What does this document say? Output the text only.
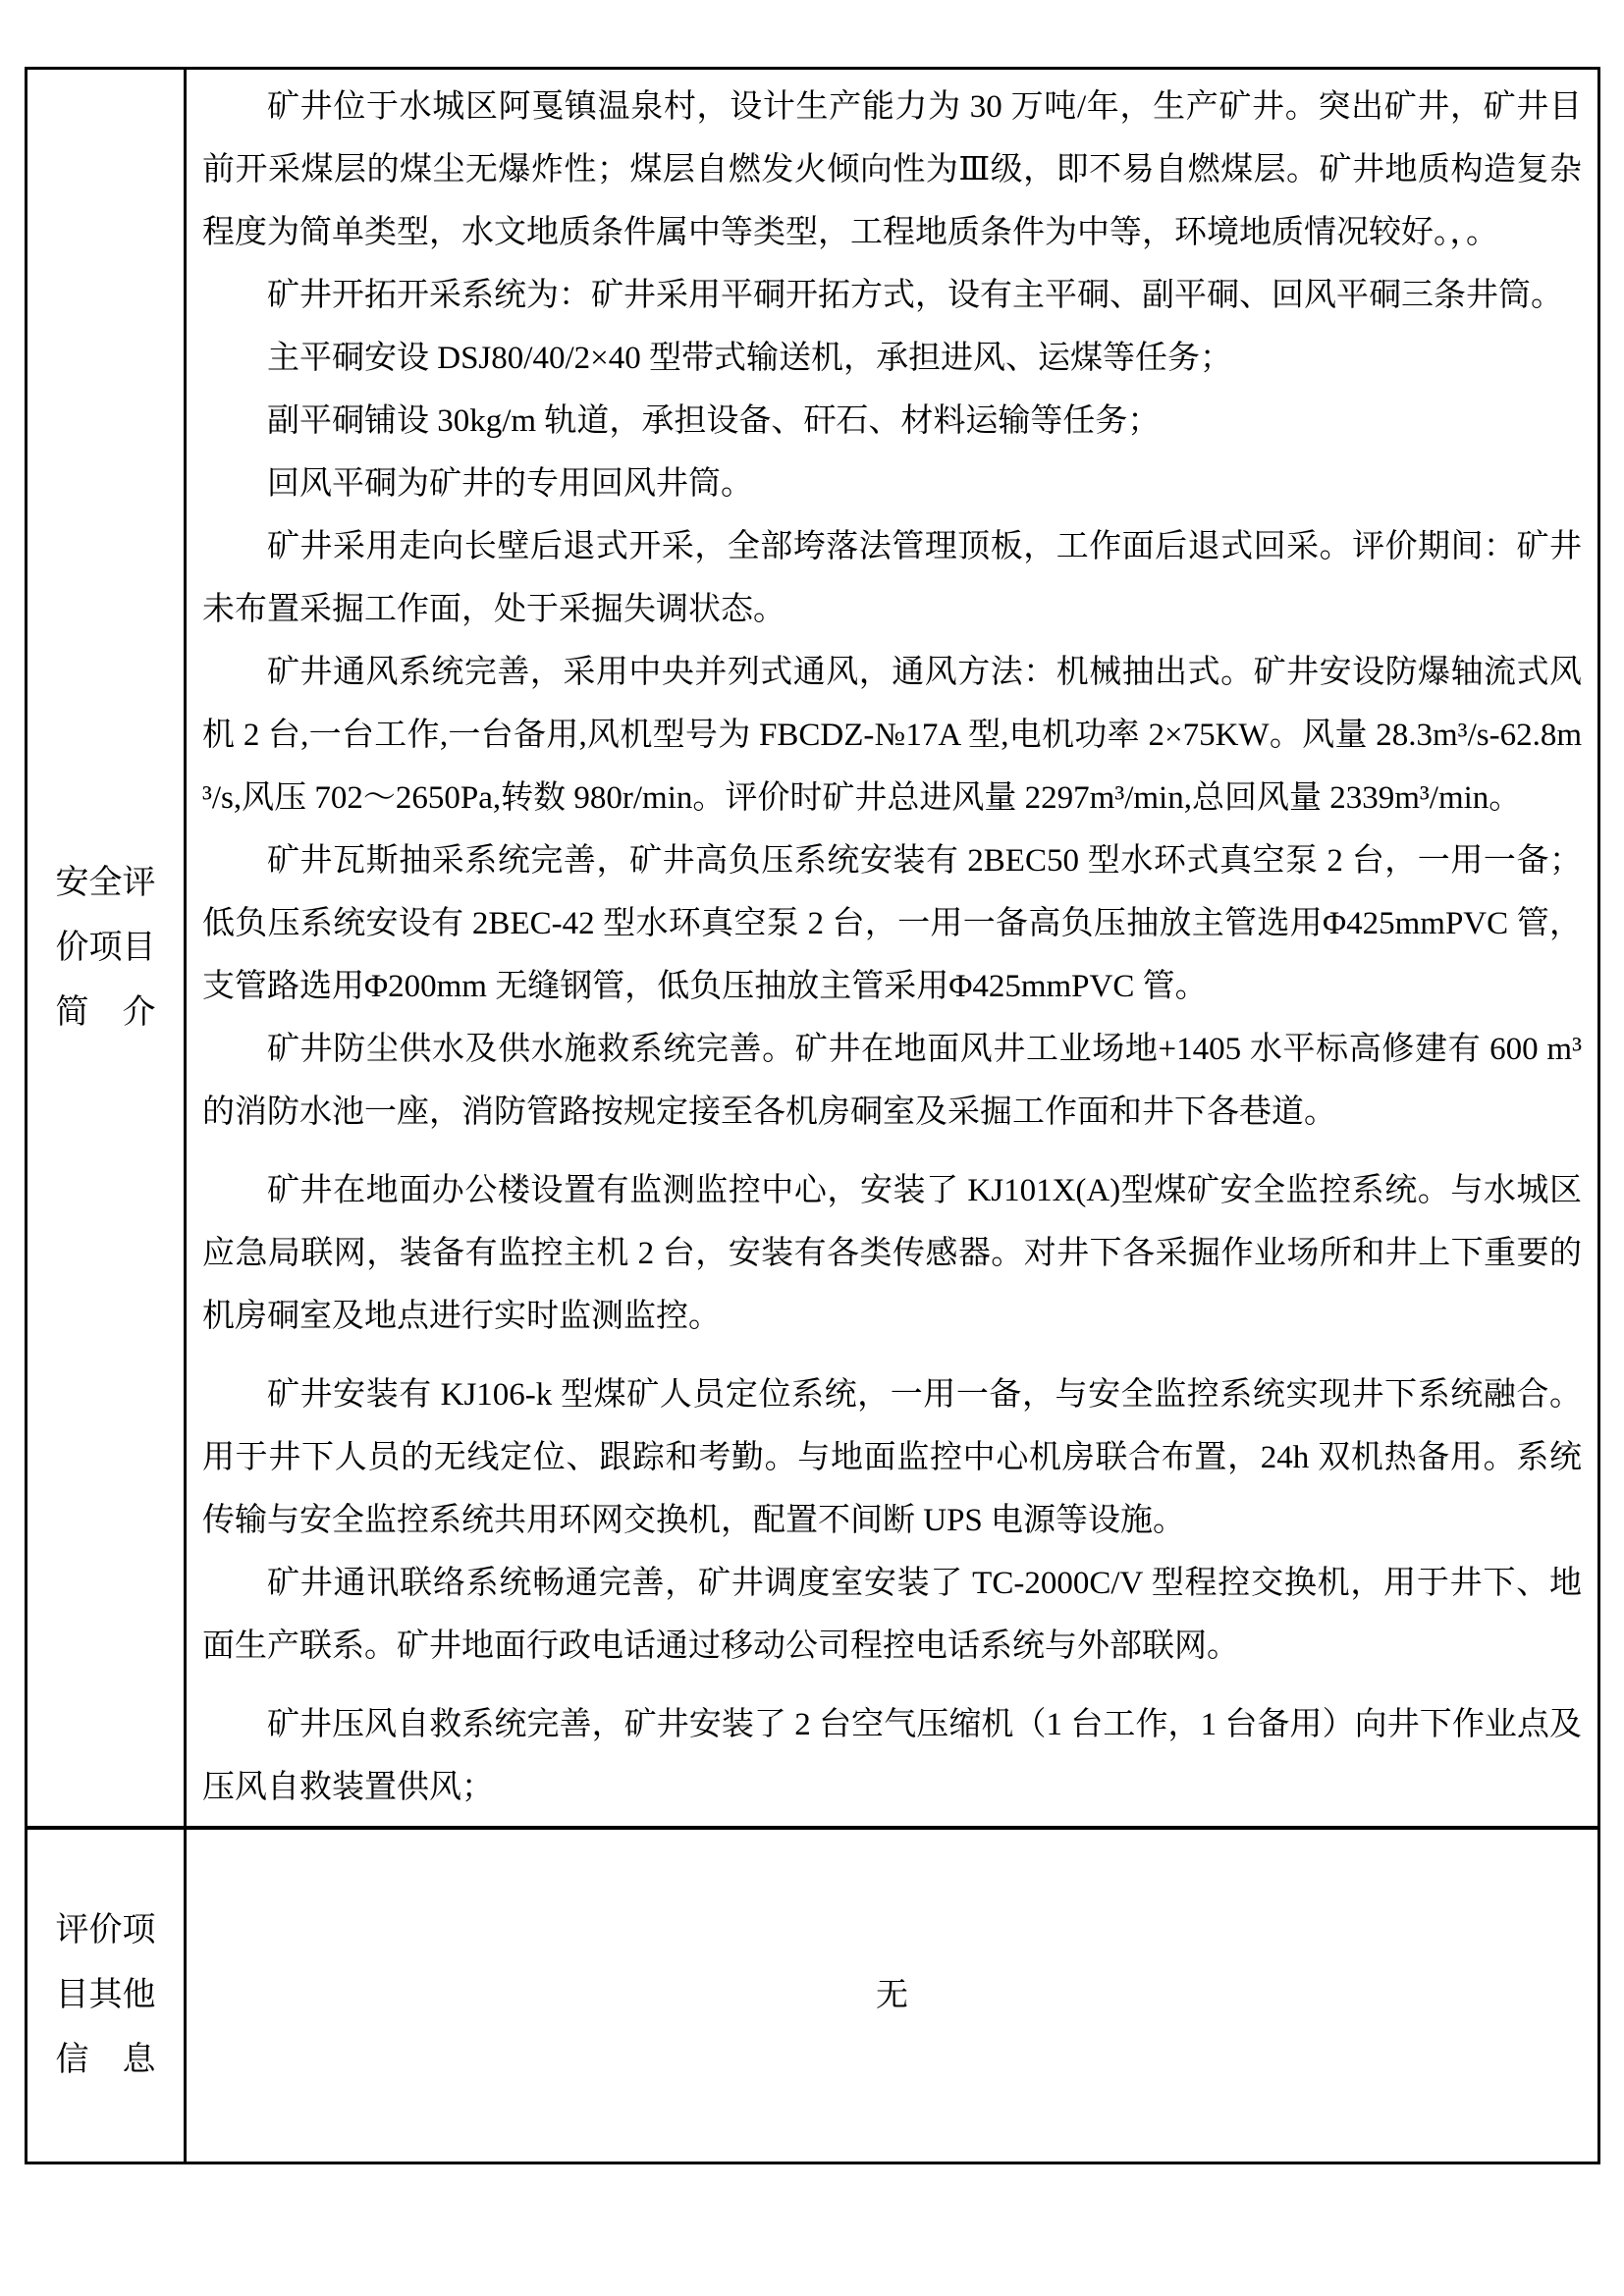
安全评价项目简介

矿井位于水城区阿戛镇温泉村，设计生产能力为 30 万吨/年，生产矿井。突出矿井，矿井目前开采煤层的煤尘无爆炸性；煤层自燃发火倾向性为Ⅲ级，即不易自燃煤层。矿井地质构造复杂程度为简单类型，水文地质条件属中等类型，工程地质条件为中等，环境地质情况较好。，。

矿井开拓开采系统为：矿井采用平硐开拓方式，设有主平硐、副平硐、回风平硐三条井筒。

主平硐安设 DSJ80/40/2×40 型带式输送机，承担进风、运煤等任务；

副平硐铺设 30kg/m 轨道，承担设备、矸石、材料运输等任务；

回风平硐为矿井的专用回风井筒。

矿井采用走向长壁后退式开采，全部垮落法管理顶板，工作面后退式回采。评价期间：矿井未布置采掘工作面，处于采掘失调状态。

矿井通风系统完善，采用中央并列式通风，通风方法：机械抽出式。矿井安设防爆轴流式风机 2 台,一台工作,一台备用,风机型号为 FBCDZ-№17A 型,电机功率 2×75KW。风量 28.3m³/s-62.8m³/s,风压 702～2650Pa,转数 980r/min。评价时矿井总进风量 2297m³/min,总回风量 2339m³/min。

矿井瓦斯抽采系统完善，矿井高负压系统安装有 2BEC50 型水环式真空泵 2 台，一用一备；低负压系统安设有 2BEC-42 型水环真空泵 2 台，一用一备高负压抽放主管选用Φ425mmPVC 管，支管路选用Φ200mm 无缝钢管，低负压抽放主管采用Φ425mmPVC 管。

矿井防尘供水及供水施救系统完善。矿井在地面风井工业场地+1405 水平标高修建有 600 m³的消防水池一座，消防管路按规定接至各机房硐室及采掘工作面和井下各巷道。

矿井在地面办公楼设置有监测监控中心，安装了 KJ101X(A)型煤矿安全监控系统。与水城区应急局联网，装备有监控主机 2 台，安装有各类传感器。对井下各采掘作业场所和井上下重要的机房硐室及地点进行实时监测监控。

矿井安装有 KJ106-k 型煤矿人员定位系统，一用一备，与安全监控系统实现井下系统融合。用于井下人员的无线定位、跟踪和考勤。与地面监控中心机房联合布置，24h 双机热备用。系统传输与安全监控系统共用环网交换机，配置不间断 UPS 电源等设施。

矿井通讯联络系统畅通完善，矿井调度室安装了 TC-2000C/V 型程控交换机，用于井下、地面生产联系。矿井地面行政电话通过移动公司程控电话系统与外部联网。

矿井压风自救系统完善，矿井安装了 2 台空气压缩机（1 台工作，1 台备用）向井下作业点及压风自救装置供风；

评价项目其他信息
无
